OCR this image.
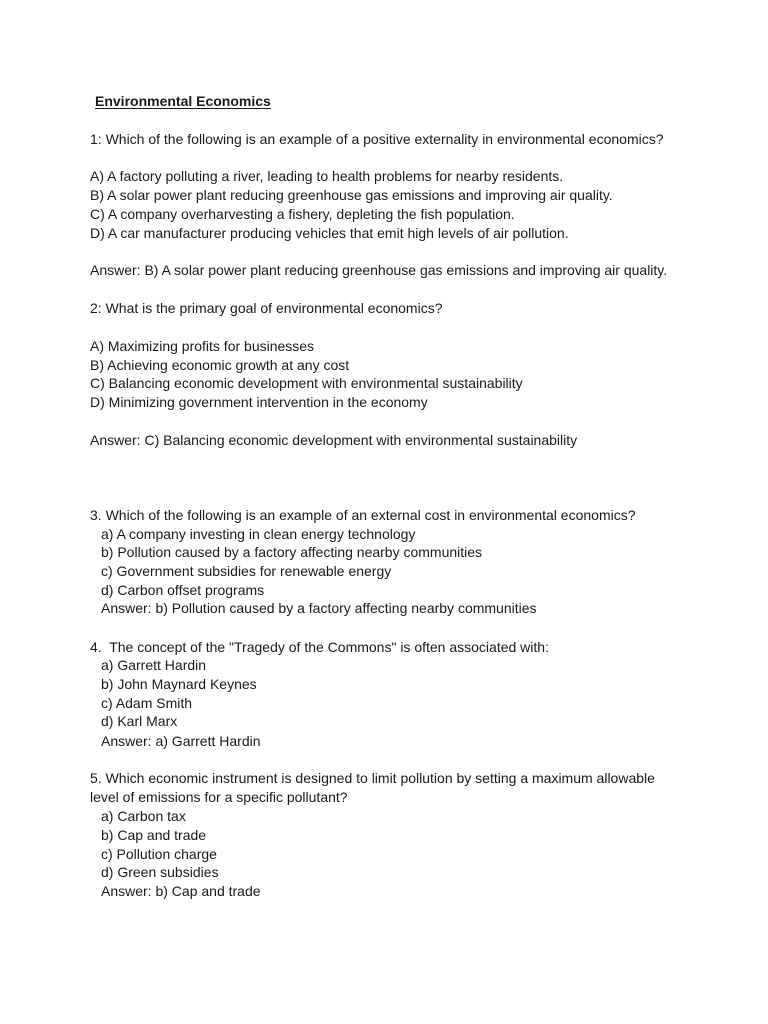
Environmental Economics
1: Which of the following is an example of a positive externality in environmental economics?
A) A factory polluting a river, leading to health problems for nearby residents.
B) A solar power plant reducing greenhouse gas emissions and improving air quality.
C) A company overharvesting a fishery, depleting the fish population.
D) A car manufacturer producing vehicles that emit high levels of air pollution.
Answer: B) A solar power plant reducing greenhouse gas emissions and improving air quality.
2: What is the primary goal of environmental economics?
A) Maximizing profits for businesses
B) Achieving economic growth at any cost
C) Balancing economic development with environmental sustainability
D) Minimizing government intervention in the economy
Answer: C) Balancing economic development with environmental sustainability
3. Which of the following is an example of an external cost in environmental economics?
a) A company investing in clean energy technology
b) Pollution caused by a factory affecting nearby communities
c) Government subsidies for renewable energy
d) Carbon offset programs
Answer: b) Pollution caused by a factory affecting nearby communities
4.  The concept of the "Tragedy of the Commons" is often associated with:
a) Garrett Hardin
b) John Maynard Keynes
c) Adam Smith
d) Karl Marx
Answer: a) Garrett Hardin
5. Which economic instrument is designed to limit pollution by setting a maximum allowable
level of emissions for a specific pollutant?
a) Carbon tax
b) Cap and trade
c) Pollution charge
d) Green subsidies
Answer: b) Cap and trade
